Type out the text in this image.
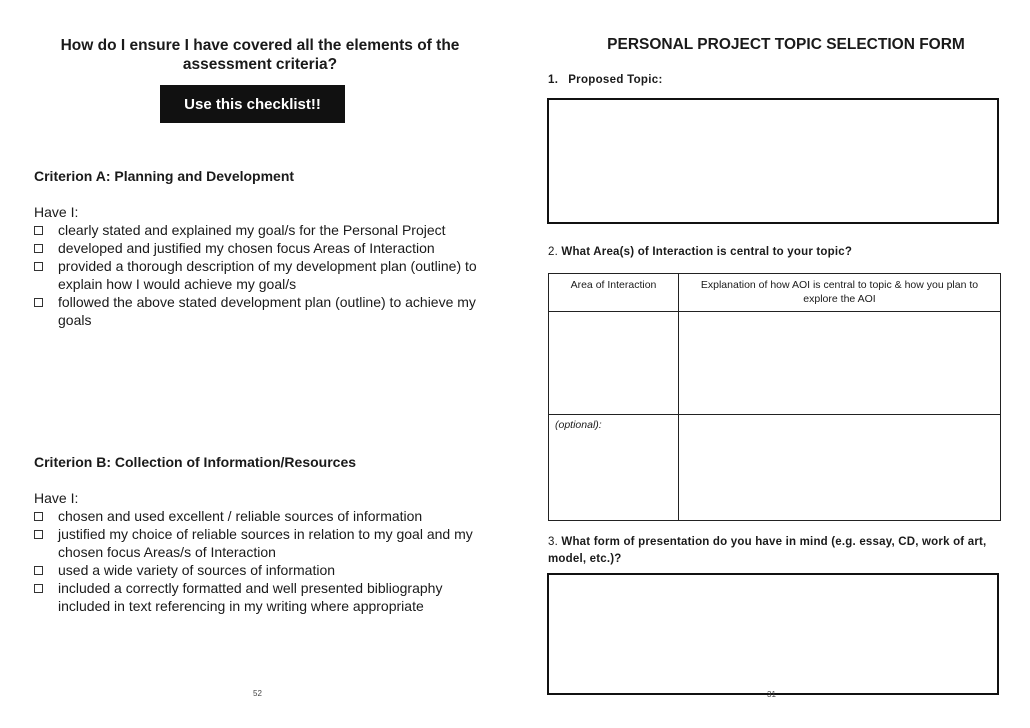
How do I ensure I have covered all the elements of the assessment criteria?
Use this checklist!!

Criterion A: Planning and Development

Have I:

clearly stated and explained my goal/s for the Personal Project
developed and justified my chosen focus Areas of Interaction
provided a thorough description of my development plan (outline) to explain how I would achieve my goal/s
followed the above stated development plan (outline) to achieve my goals

Criterion B: Collection of Information/Resources

Have I:

chosen and used excellent / reliable sources of information
justified my choice of reliable sources in relation to my goal and my chosen focus Areas/s of Interaction
used a wide variety of sources of information
included a correctly formatted and well presented bibliography included in text referencing in my writing where appropriate
52
PERSONAL PROJECT TOPIC SELECTION FORM
1. Proposed Topic:
2. What Area(s) of Interaction is central to your topic?
Area of Interaction	Explanation of how AOI is central to topic & how you plan to explore the AOI

(optional):	
3. What form of presentation do you have in mind (e.g. essay, CD, work of art, model, etc.)?
31
